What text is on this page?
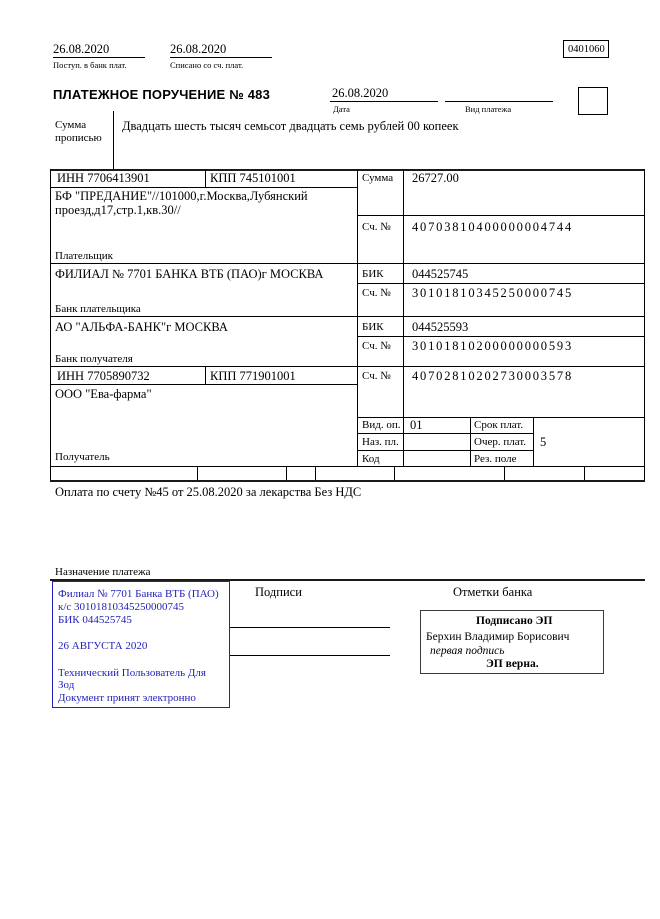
26.08.2020
Поступ. в банк плат.
26.08.2020
Списано со сч. плат.
0401060
ПЛАТЕЖНОЕ ПОРУЧЕНИЕ № 483	26.08.2020
Дата	Вид платежа
Сумма прописью
Двадцать шесть тысяч семьсот двадцать семь рублей 00 копеек
ИНН 7706413901	КПП 745101001	Сумма 26727.00
БФ "ПРЕДАНИЕ"//101000,г.Москва,Лубянский проезд,д17,стр.1,кв.30//
Сч. № 40703810400000004744
Плательщик
ФИЛИАЛ № 7701 БАНКА ВТБ (ПАО)г МОСКВА	БИК 044525745
Сч. № 30101810345250000745
Банк плательщика
АО "АЛЬФА-БАНК"г МОСКВА	БИК 044525593
Сч. № 30101810200000000593
Банк получателя
ИНН 7705890732	КПП 771901001	Сч. № 40702810202730003578
ООО "Ева-фарма"
Получатель
Вид. оп. 01	Срок плат.
Наз. пл.	Очер. плат. 5
Код	Рез. поле
Оплата по счету №45 от 25.08.2020 за лекарства Без НДС
Назначение платежа
Подписи	Отметки банка
Филиал № 7701 Банка ВТБ (ПАО)
к/с 30101810345250000745
БИК 044525745
26 АВГУСТА 2020
Технический Пользователь Для
Зод
Документ принят электронно
Подписано ЭП
Берхин Владимир Борисович
первая подпись
ЭП верна.
